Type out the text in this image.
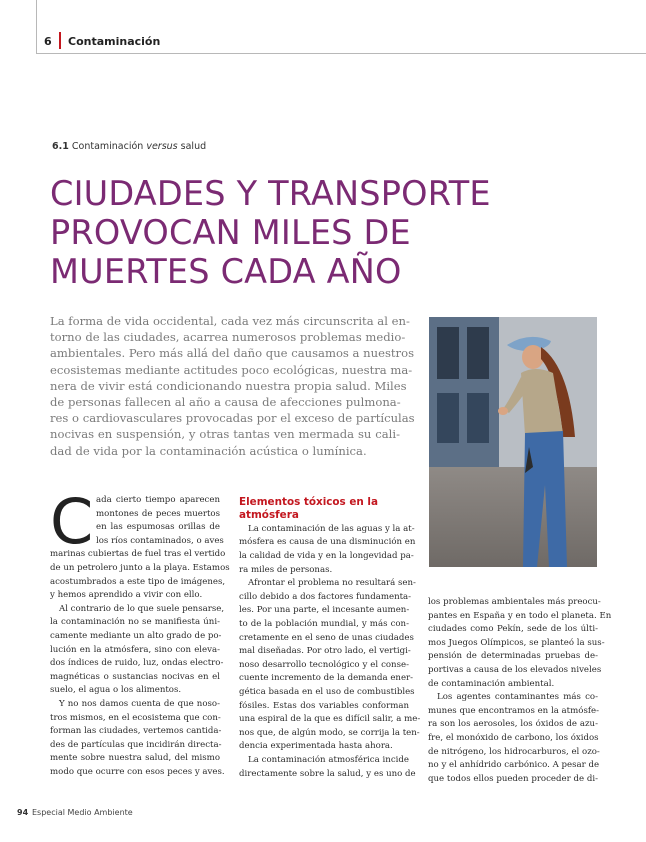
6 Contaminación
6.1 Contaminación versus salud
CIUDADES Y TRANSPORTE
PROVOCAN MILES DE
MUERTES CADA AÑO
La forma de vida occidental, cada vez más circunscrita al en-
torno de las ciudades, acarrea numerosos problemas medio-
ambientales. Pero más allá del daño que causamos a nuestros
ecosistemas mediante actitudes poco ecológicas, nuestra ma-
nera de vivir está condicionando nuestra propia salud. Miles
de personas fallecen al año a causa de afecciones pulmona-
res o cardiovasculares provocadas por el exceso de partículas
nocivas en suspensión, y otras tantas ven mermada su cali-
dad de vida por la contaminación acústica o lumínica.
C ada cierto tiempo aparecen
montones de peces muertos
en las espumosas orillas de
los ríos contaminados, o aves
marinas cubiertas de fuel tras el vertido
de un petrolero junto a la playa. Estamos
acostumbrados a este tipo de imágenes,
y hemos aprendido a vivir con ello.
Al contrario de lo que suele pensarse,
la contaminación no se manifiesta úni-
camente mediante un alto grado de po-
lución en la atmósfera, sino con eleva-
dos índices de ruido, luz, ondas electro-
magnéticas o sustancias nocivas en el
suelo, el agua o los alimentos.
Y no nos damos cuenta de que noso-
tros mismos, en el ecosistema que con-
forman las ciudades, vertemos cantida-
des de partículas que incidirán directa-
mente sobre nuestra salud, del mismo
modo que ocurre con esos peces y aves.
Elementos tóxicos en la
atmósfera
La contaminación de las aguas y la at-
mósfera es causa de una disminución en
la calidad de vida y en la longevidad pa-
ra miles de personas.
Afrontar el problema no resultará sen-
cillo debido a dos factores fundamenta-
les. Por una parte, el incesante aumen-
to de la población mundial, y más con-
cretamente en el seno de unas ciudades
mal diseñadas. Por otro lado, el vertigi-
noso desarrollo tecnológico y el conse-
cuente incremento de la demanda ener-
gética basada en el uso de combustibles
fósiles. Estas dos variables conforman
una espiral de la que es difícil salir, a me-
nos que, de algún modo, se corrija la ten-
dencia experimentada hasta ahora.
La contaminación atmosférica incide
directamente sobre la salud, y es uno de
los problemas ambientales más preocu-
pantes en España y en todo el planeta. En
ciudades como Pekín, sede de los últi-
mos Juegos Olímpicos, se planteó la sus-
pensión de determinadas pruebas de-
portivas a causa de los elevados niveles
de contaminación ambiental.
Los agentes contaminantes más co-
munes que encontramos en la atmósfe-
ra son los aerosoles, los óxidos de azu-
fre, el monóxido de carbono, los óxidos
de nitrógeno, los hidrocarburos, el ozo-
no y el anhídrido carbónico. A pesar de
que todos ellos pueden proceder de di-
94 Especial Medio Ambiente
